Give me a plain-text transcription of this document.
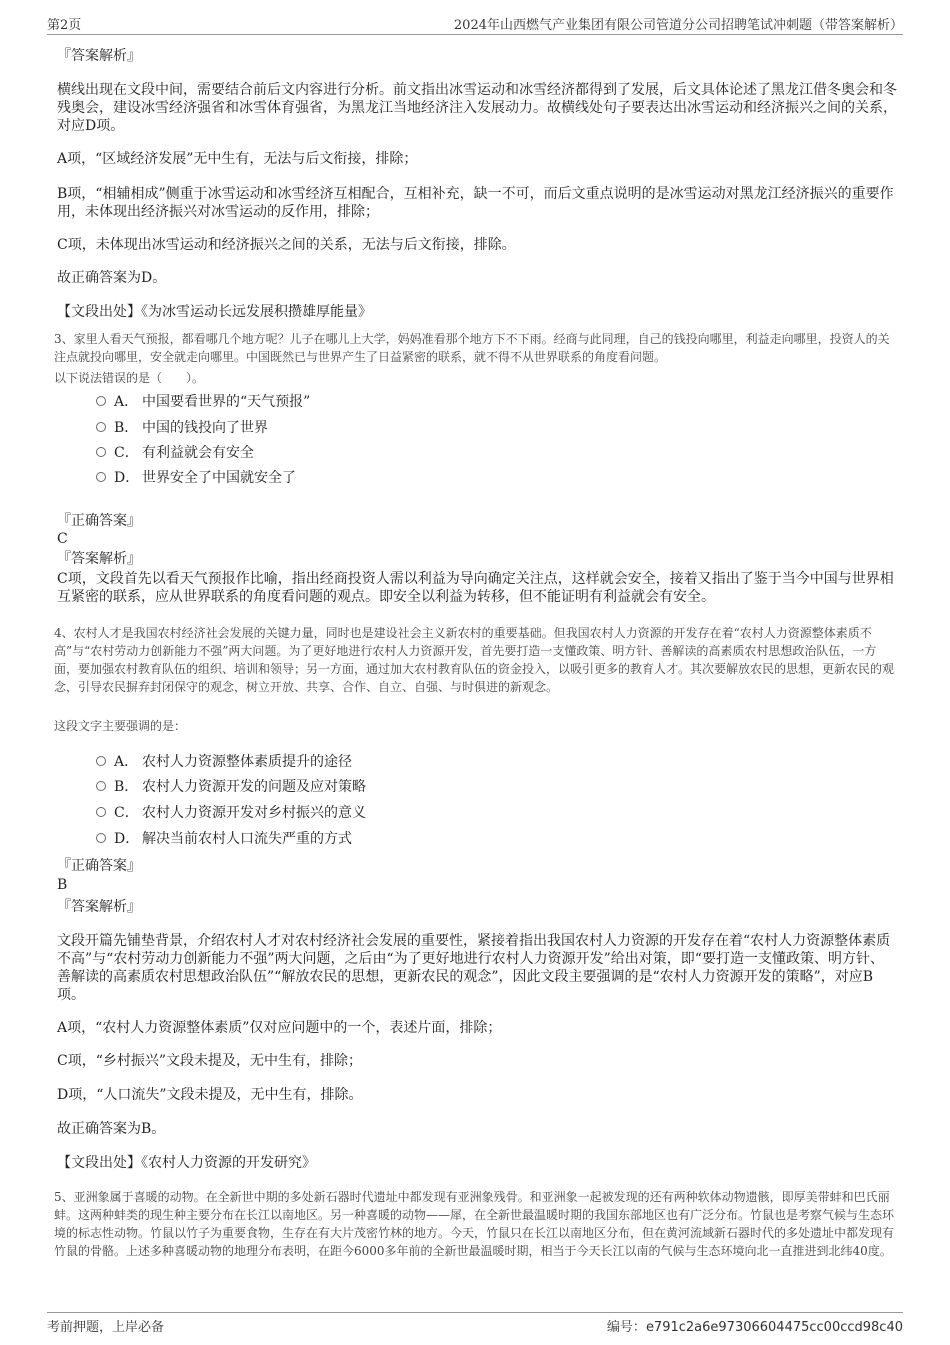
第2页	2024年山西燃气产业集团有限公司管道分公司招聘笔试冲刺题（带答案解析）
『答案解析』
横线出现在文段中间，需要结合前后文内容进行分析。前文指出冰雪运动和冰雪经济都得到了发展，后文具体论述了黑龙江借冬奥会和冬残奥会，建设冰雪经济强省和冰雪体育强省，为黑龙江当地经济注入发展动力。故横线处句子要表达出冰雪运动和经济振兴之间的关系，对应D项。
A项，“区域经济发展”无中生有，无法与后文衔接，排除；
B项，“相辅相成”侧重于冰雪运动和冰雪经济互相配合，互相补充，缺一不可，而后文重点说明的是冰雪运动对黑龙江经济振兴的重要作用，未体现出经济振兴对冰雪运动的反作用，排除；
C项，未体现出冰雪运动和经济振兴之间的关系，无法与后文衔接，排除。
故正确答案为D。
【文段出处】《为冰雪运动长远发展积攒雄厚能量》
3、家里人看天气预报，都看哪几个地方呢？儿子在哪儿上大学，妈妈准看那个地方下不下雨。经商与此同理，自己的钱投向哪里，利益走向哪里，投资人的关注点就投向哪里，安全就走向哪里。中国既然已与世界产生了日益紧密的联系，就不得不从世界联系的角度看问题。
以下说法错误的是（　　）。
A． 中国要看世界的“天气预报”
B． 中国的钱投向了世界
C． 有利益就会有安全
D． 世界安全了中国就安全了
『正确答案』
C
『答案解析』
C项，文段首先以看天气预报作比喻，指出经商投资人需以利益为导向确定关注点，这样就会安全，接着又指出了鉴于当今中国与世界相互紧密的联系，应从世界联系的角度看问题的观点。即安全以利益为转移，但不能证明有利益就会有安全。
4、农村人才是我国农村经济社会发展的关键力量，同时也是建设社会主义新农村的重要基础。但我国农村人力资源的开发存在着“农村人力资源整体素质不高”与“农村劳动力创新能力不强”两大问题。为了更好地进行农村人力资源开发，首先要打造一支懂政策、明方针、善解读的高素质农村思想政治队伍，一方面，要加强农村教育队伍的组织、培训和领导；另一方面，通过加大农村教育队伍的资金投入，以吸引更多的教育人才。其次要解放农民的思想，更新农民的观念，引导农民摒弃封闭保守的观念，树立开放、共享、合作、自立、自强、与时俱进的新观念。
这段文字主要强调的是：
A． 农村人力资源整体素质提升的途径
B． 农村人力资源开发的问题及应对策略
C． 农村人力资源开发对乡村振兴的意义
D． 解决当前农村人口流失严重的方式
『正确答案』
B
『答案解析』
文段开篇先铺垫背景，介绍农村人才对农村经济社会发展的重要性，紧接着指出我国农村人力资源的开发存在着“农村人力资源整体素质不高”与“农村劳动力创新能力不强”两大问题，之后由“为了更好地进行农村人力资源开发”给出对策，即“要打造一支懂政策、明方针、善解读的高素质农村思想政治队伍”“解放农民的思想，更新农民的观念”，因此文段主要强调的是“农村人力资源开发的策略”，对应B项。
A项，“农村人力资源整体素质”仅对应问题中的一个，表述片面，排除；
C项，“乡村振兴”文段未提及，无中生有，排除；
D项，“人口流失”文段未提及，无中生有，排除。
故正确答案为B。
【文段出处】《农村人力资源的开发研究》
5、亚洲象属于喜暖的动物。在全新世中期的多处新石器时代遗址中都发现有亚洲象残骨。和亚洲象一起被发现的还有两种软体动物遗骸，即厚美带蚌和巴氏丽蚌。这两种蚌类的现生种主要分布在长江以南地区。另一种喜暖的动物——犀，在全新世最温暖时期的我国东部地区也有广泛分布。竹鼠也是考察气候与生态环境的标志性动物。竹鼠以竹子为重要食物，生存在有大片茂密竹林的地方。今天，竹鼠只在长江以南地区分布，但在黄河流域新石器时代的多处遗址中都发现有竹鼠的骨骼。上述多种喜暖动物的地理分布表明，在距今6000多年前的全新世最温暖时期，相当于今天长江以南的气候与生态环境向北一直推进到北纬40度。
考前押题，上岸必备	编号：e791c2a6e97306604475cc00ccd98c40
